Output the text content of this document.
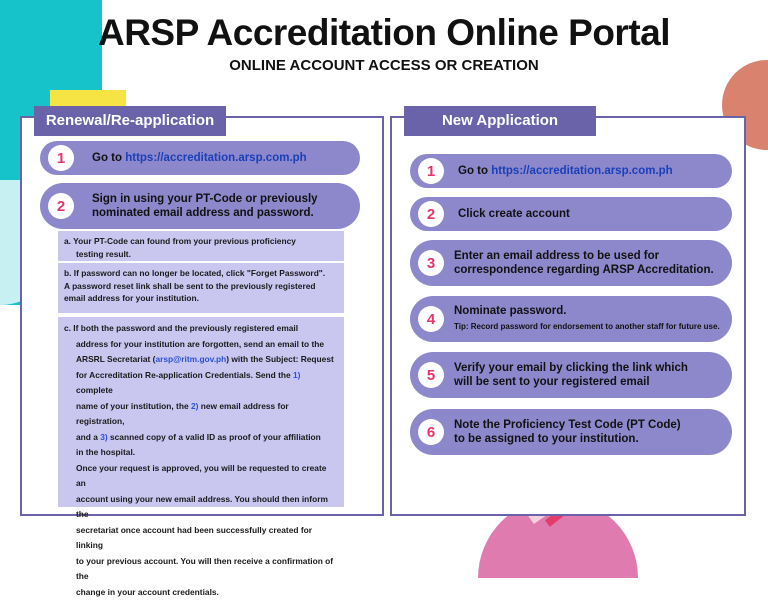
ARSP Accreditation Online Portal
ONLINE ACCOUNT ACCESS OR CREATION
Renewal/Re-application
1	Go to https://accreditation.arsp.com.ph
2	Sign in using your PT-Code or previously
nominated email address and password.
a. Your PT-Code can found from your previous proficiency
testing result.
b. If password can no longer be located, click "Forget Password".
A password reset link shall be sent to the previously registered
email address for your institution.
c. If both the password and the previously registered email
address for your institution are forgotten, send an email to the
ARSRL Secretariat (arsp@ritm.gov.ph) with the Subject: Request
for Accreditation Re-application Credentials. Send the 1) complete
name of your institution, the 2) new email address for registration,
and a 3) scanned copy of a valid ID as proof of your affiliation
in the hospital.
Once your request is approved, you will be requested to create an
account using your new email address. You should then inform the
secretariat once account had been successfully created for linking
to your previous account. You will then receive a confirmation of the
change in your account credentials.
New Application
1	Go to https://accreditation.arsp.com.ph
2	Click create account
3	Enter an email address to be used for
correspondence regarding ARSP Accreditation.
4	Nominate password.
Tip: Record password for endorsement to another staff for future use.
5	Verify your email by clicking the link which
will be sent to your registered email
6	Note the Proficiency Test Code (PT Code)
to be assigned to your institution.
